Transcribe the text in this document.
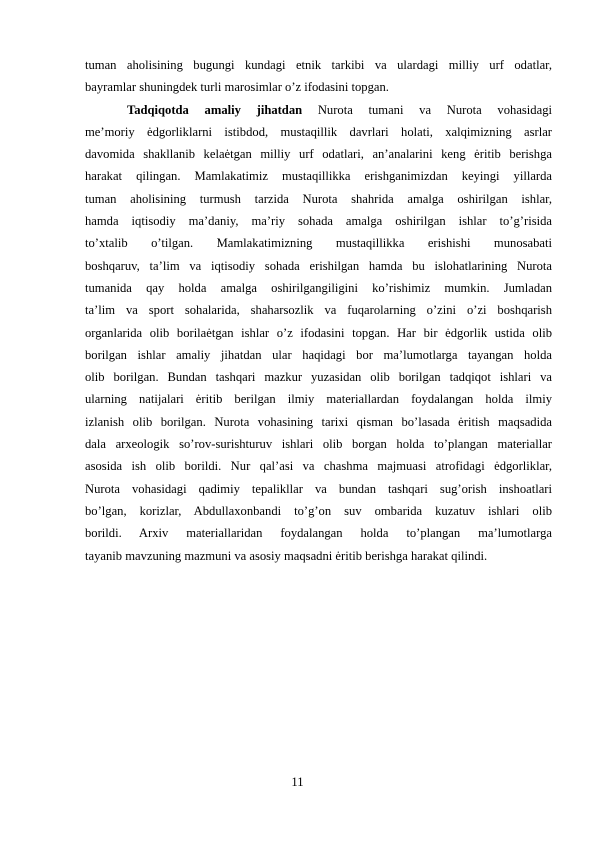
tuman aholisining bugungi kundagi etnik tarkibi va ulardagi milliy urf odatlar,
bayramlar shuningdek turli marosimlar o’z ifodasini topgan.
Tadqiqotda amaliy jihatdan Nurota tumani va Nurota vohasidagi
me’moriy ėdgorliklarni istibdod, mustaqillik davrlari holati, xalqimizning asrlar
davomida shakllanib kelaėtgan milliy urf odatlari, an’analarini keng ėritib berishga
harakat qilingan. Mamlakatimiz mustaqillikka erishganimizdan keyingi yillarda
tuman aholisining turmush tarzida Nurota shahrida amalga oshirilgan ishlar,
hamda iqtisodiy ma’daniy, ma’riy sohada amalga oshirilgan ishlar to’g’risida
to’xtalib o’tilgan. Mamlakatimizning mustaqillikka erishishi munosabati
boshqaruv, ta’lim va iqtisodiy sohada erishilgan hamda bu islohatlarining Nurota
tumanida qay holda amalga oshirilgangiligini ko’rishimiz mumkin. Jumladan
ta’lim va sport sohalarida, shaharsozlik va fuqarolarning o’zini o’zi boshqarish
organlarida olib borilaėtgan ishlar o’z ifodasini topgan. Har bir ėdgorlik ustida olib
borilgan ishlar amaliy jihatdan ular haqidagi bor ma’lumotlarga tayangan holda
olib borilgan. Bundan tashqari mazkur yuzasidan olib borilgan tadqiqot ishlari va
ularning natijalari ėritib berilgan ilmiy materiallardan foydalangan holda ilmiy
izlanish olib borilgan. Nurota vohasining tarixi qisman bo’lasada ėritish maqsadida
dala arxeologik so’rov-surishturuv ishlari olib borgan holda to’plangan materiallar
asosida ish olib borildi. Nur qal’asi va chashma majmuasi atrofidagi ėdgorliklar,
Nurota vohasidagi qadimiy tepalikllar va bundan tashqari sug’orish inshoatlari
bo’lgan, korizlar, Abdullaxonbandi to’g’on suv ombarida kuzatuv ishlari olib
borildi. Arxiv materiallaridan foydalangan holda to’plangan ma’lumotlarga
tayanib mavzuning mazmuni va asosiy maqsadni ėritib berishga harakat qilindi.
11
